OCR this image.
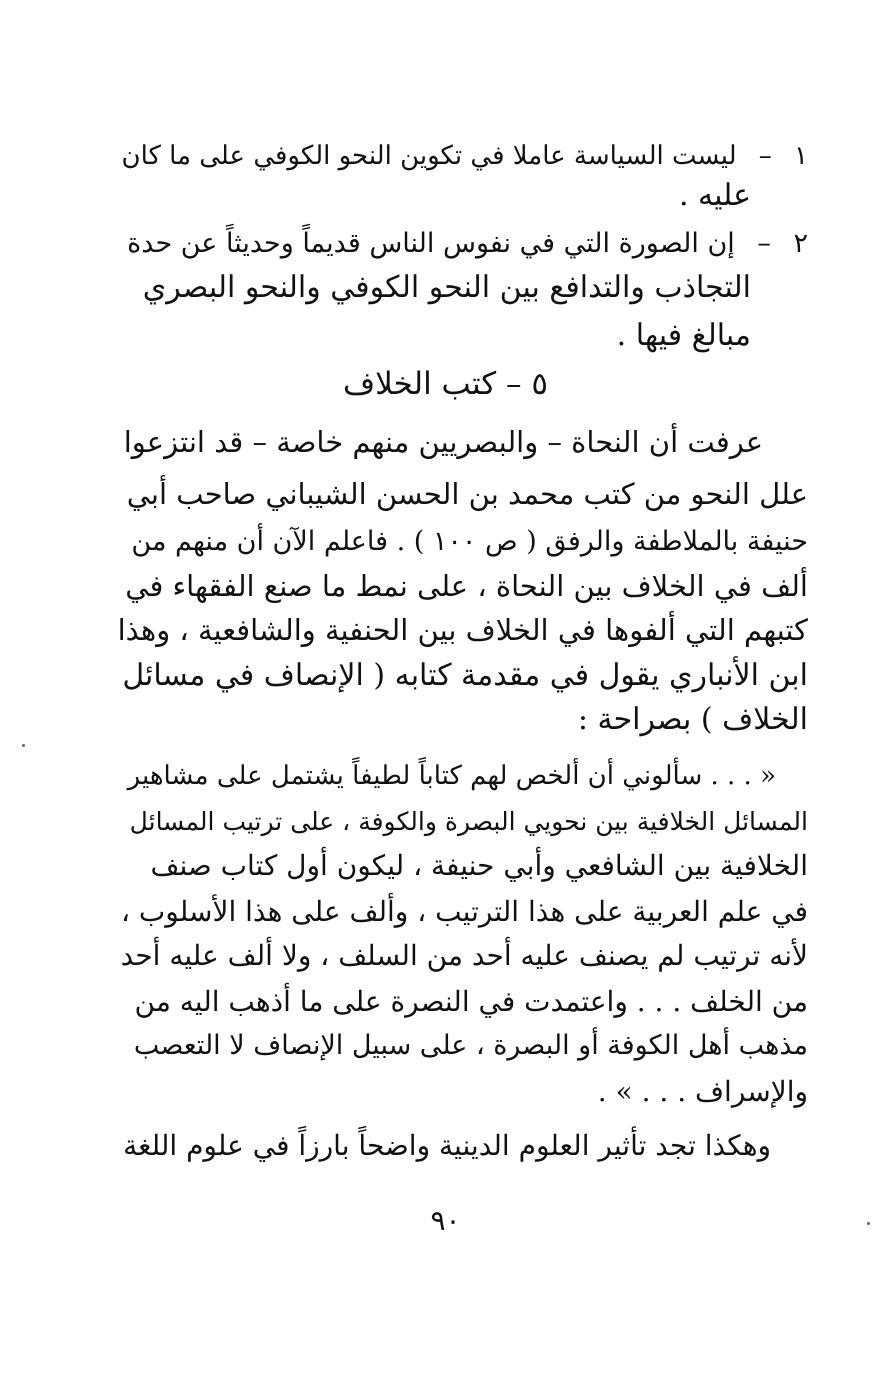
١ – ليست السياسة عاملا في تكوين النحو الكوفي على ما كان
عليه .
٢ – إن الصورة التي في نفوس الناس قديماً وحديثاً عن حدة
التجاذب والتدافع بين النحو الكوفي والنحو البصري
مبالغ فيها .
٥ – كتب الخلاف
عرفت أن النحاة – والبصريين منهم خاصة – قد انتزعوا
علل النحو من كتب محمد بن الحسن الشيباني صاحب أبي
حنيفة بالملاطفة والرفق ( ص ١٠٠ ) . فاعلم الآن أن منهم من
ألف في الخلاف بين النحاة ، على نمط ما صنع الفقهاء في
كتبهم التي ألفوها في الخلاف بين الحنفية والشافعية ، وهذا
ابن الأنباري يقول في مقدمة كتابه ( الإنصاف في مسائل
الخلاف ) بصراحة :
« . . . سألوني أن ألخص لهم كتاباً لطيفاً يشتمل على مشاهير
المسائل الخلافية بين نحويي البصرة والكوفة ، على ترتيب المسائل
الخلافية بين الشافعي وأبي حنيفة ، ليكون أول كتاب صنف
في علم العربية على هذا الترتيب ، وألف على هذا الأسلوب ،
لأنه ترتيب لم يصنف عليه أحد من السلف ، ولا ألف عليه أحد
من الخلف . . . واعتمدت في النصرة على ما أذهب اليه من
مذهب أهل الكوفة أو البصرة ، على سبيل الإنصاف لا التعصب
والإسراف . . . » .
وهكذا تجد تأثير العلوم الدينية واضحاً بارزاً في علوم اللغة
٩٠
